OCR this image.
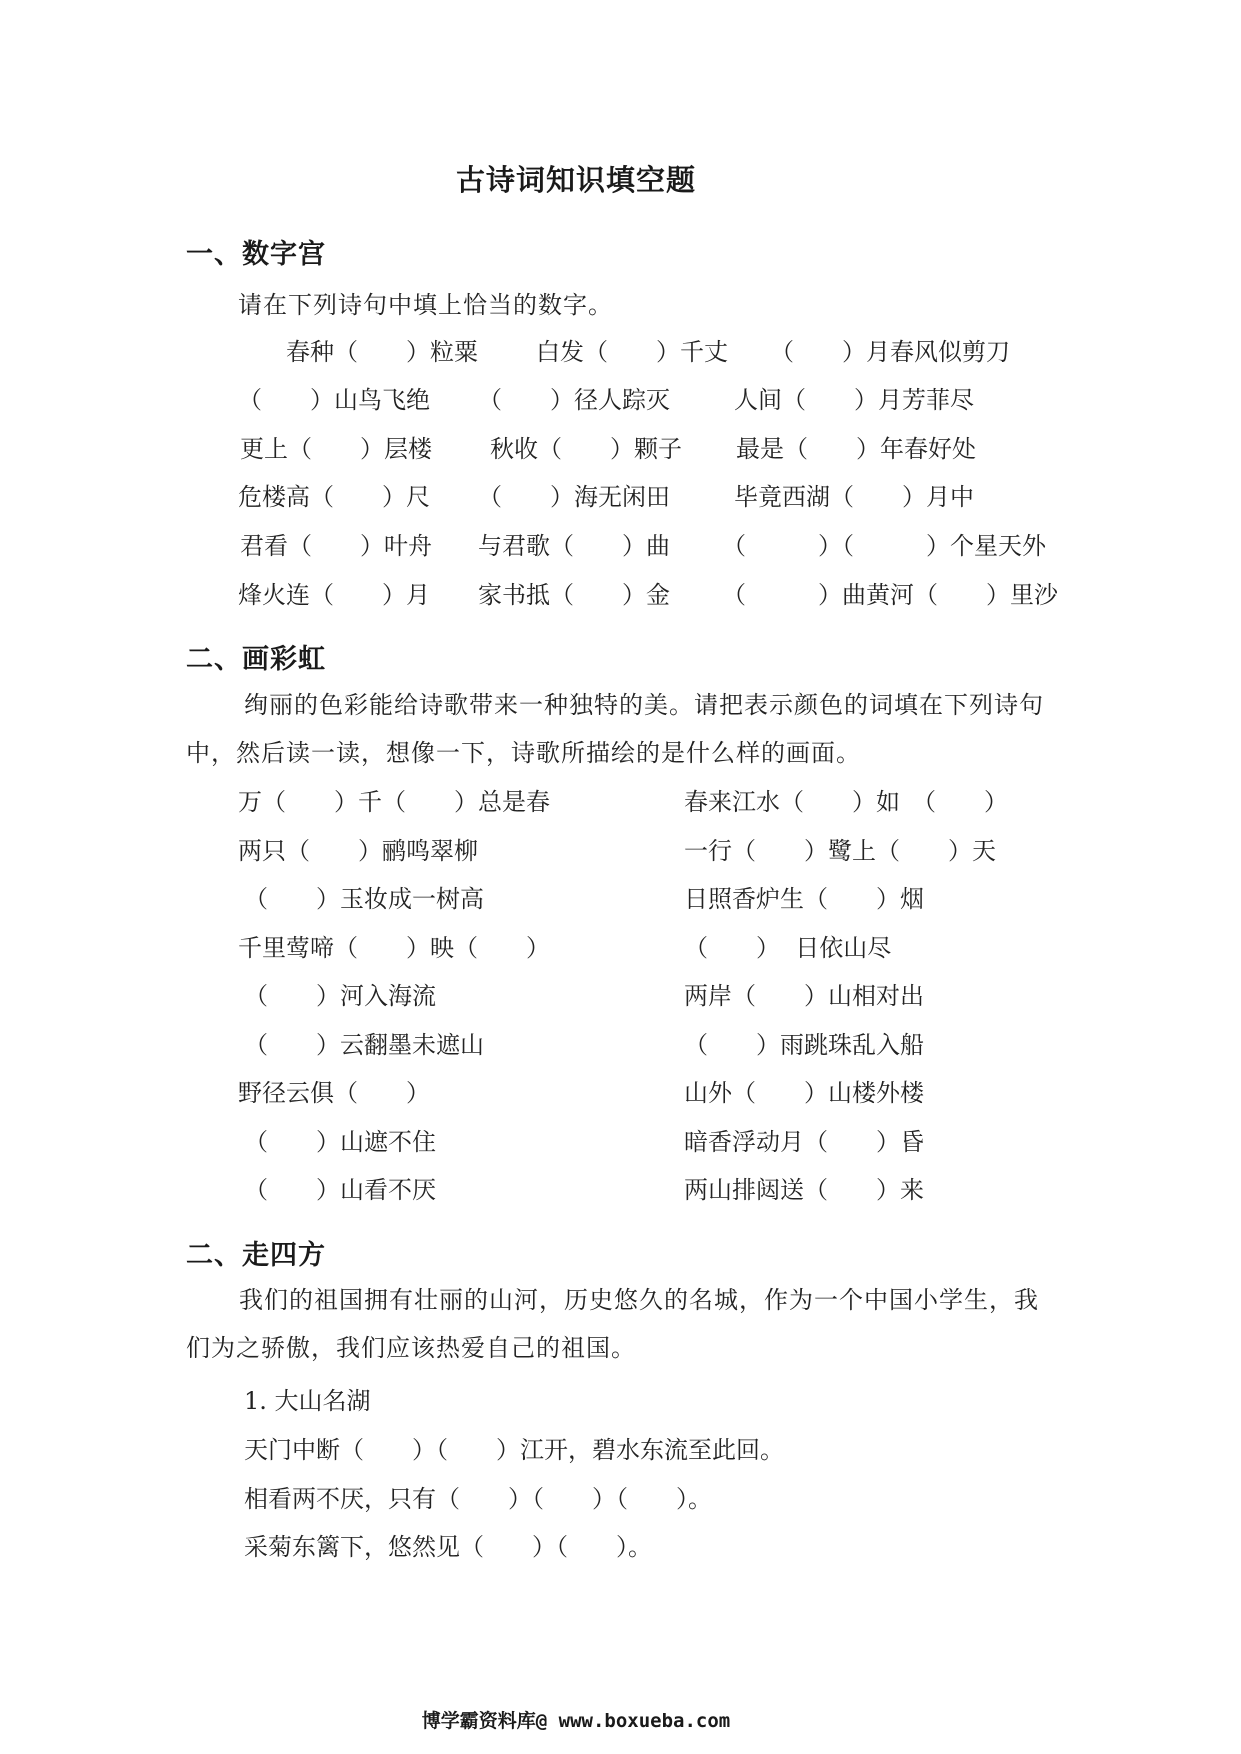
古诗词知识填空题
一、数字宫
请在下列诗句中填上恰当的数字。
春种（　　）粒粟 白发（　　）千丈 （　　）月春风似剪刀
（　　）山鸟飞绝 （　　）径人踪灭	人间（　　）月芳菲尽
更上（　　）层楼 秋收（　　）颗子 最是（　　）年春好处
危楼高（　　）尺 （　　）海无闲田	毕竟西湖（　　）月中
君看（　　）叶舟 与君歌（　　）曲 （　　　）（　　　）个星天外
烽火连（　　）月 家书抵（　　）金 （　　　）曲黄河（　　）里沙
二、画彩虹
绚丽的色彩能给诗歌带来一种独特的美。请把表示颜色的词填在下列诗句
中，然后读一读，想像一下，诗歌所描绘的是什么样的画面。
万（　　）千（　　）总是春	春来江水（　　）如　（　　）
两只（　　）鹂鸣翠柳	一行（　　）鹭上（　　）天
（　　）玉妆成一树高	日照香炉生（　　）烟
千里莺啼（　　）映（　　）	（　　）  日依山尽
（　　）河入海流	两岸（　　）山相对出
（　　）云翻墨未遮山	（　　）雨跳珠乱入船
野径云俱（　　）	山外（　　）山楼外楼
（　　）山遮不住	暗香浮动月（　　）昏
（　　）山看不厌	两山排闼送（　　）来
二、走四方
我们的祖国拥有壮丽的山河，历史悠久的名城，作为一个中国小学生，我们为之骄傲，我们应该热爱自己的祖国。
1. 大山名湖
天门中断（　　）（　　）江开，碧水东流至此回。
相看两不厌，只有（　　）（　　）（　　）。
采菊东篱下，悠然见（　　）（　　）。
博学霸资料库@ www.boxueba.com
